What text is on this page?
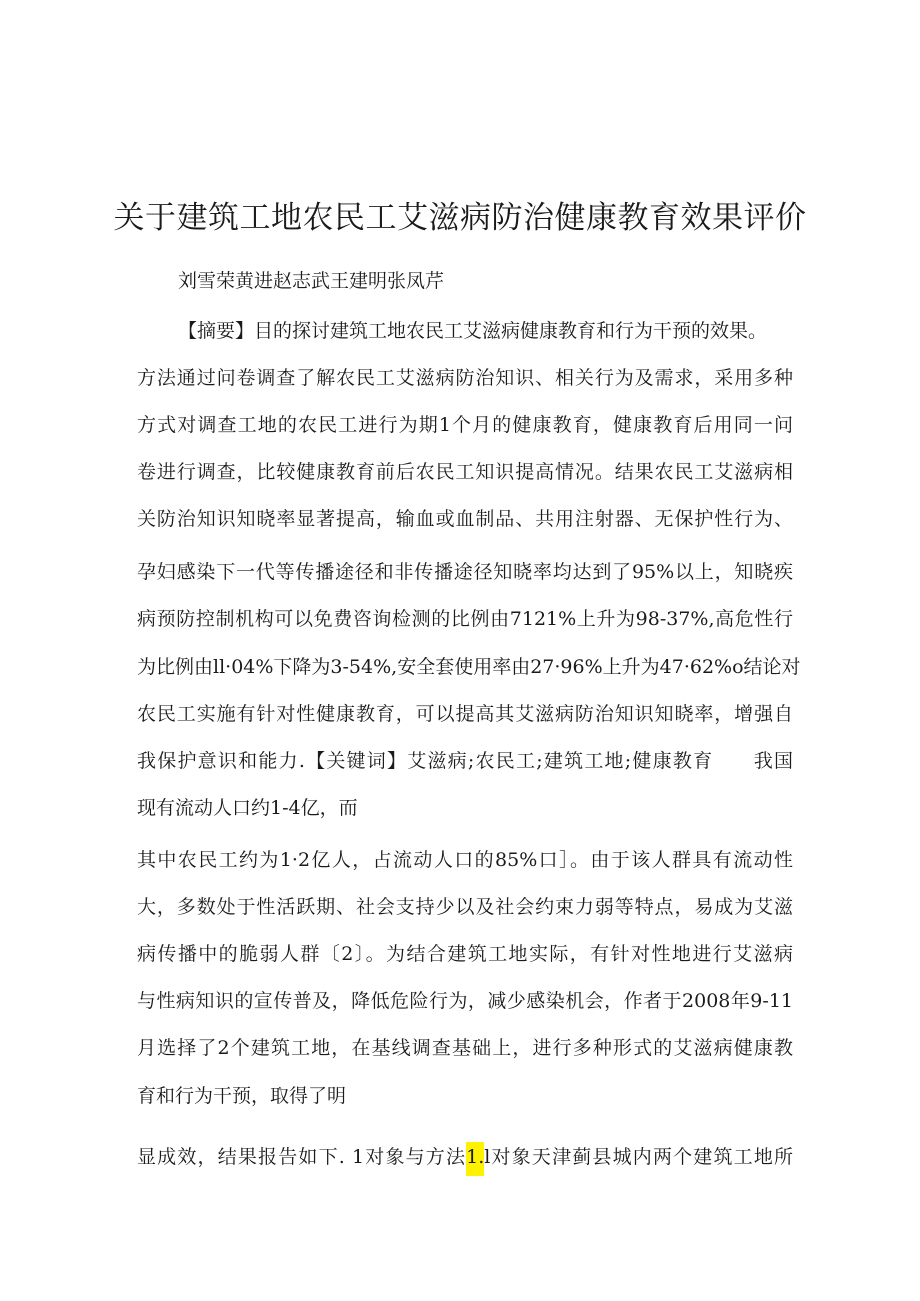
关于建筑工地农民工艾滋病防治健康教育效果评价
刘雪荣黄进赵志武王建明张凤芹
【摘要】目的探讨建筑工地农民工艾滋病健康教育和行为干预的效果。
方法通过问卷调查了解农民工艾滋病防治知识、相关行为及需求，采用多种
方式对调查工地的农民工进行为期1个月的健康教育，健康教育后用同一问
卷进行调查，比较健康教育前后农民工知识提高情况。结果农民工艾滋病相
关防治知识知晓率显著提高，输血或血制品、共用注射器、无保护性行为、
孕妇感染下一代等传播途径和非传播途径知晓率均达到了95%以上，知晓疾
病预防控制机构可以免费咨询检测的比例由7121%上升为98-37%,高危性行
为比例由ll·04%下降为3-54%,安全套使用率由27·96%上升为47·62%o结论对
农民工实施有针对性健康教育，可以提高其艾滋病防治知识知晓率，增强自
我保护意识和能力.【关键词】艾滋病;农民工;建筑工地;健康教育　　我国
现有流动人口约1-4亿，而
其中农民工约为1·2亿人，占流动人口的85%口］。由于该人群具有流动性
大，多数处于性活跃期、社会支持少以及社会约束力弱等特点，易成为艾滋
病传播中的脆弱人群〔2〕。为结合建筑工地实际，有针对性地进行艾滋病
与性病知识的宣传普及，降低危险行为，减少感染机会，作者于2008年9-11
月选择了2个建筑工地，在基线调查基础上，进行多种形式的艾滋病健康教
育和行为干预，取得了明
显成效，结果报告如下. 1对象与方法1.l对象天津蓟县城内两个建筑工地所
